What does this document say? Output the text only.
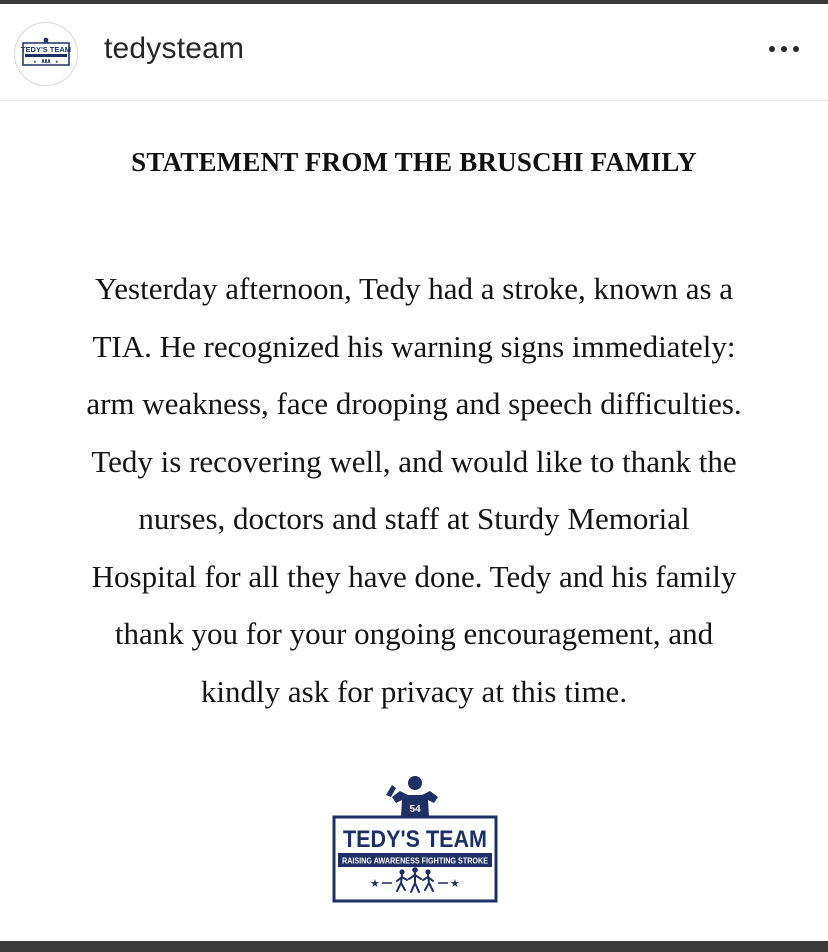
TEDY'S TEAM
★	★ tedysteam
STATEMENT FROM THE BRUSCHI FAMILY
Yesterday afternoon, Tedy had a stroke, known as a
TIA. He recognized his warning signs immediately:
arm weakness, face drooping and speech difficulties.
Tedy is recovering well, and would like to thank the
nurses, doctors and staff at Sturdy Memorial
Hospital for all they have done. Tedy and his family
thank you for your ongoing encouragement, and
kindly ask for privacy at this time.
54
TEDY'S TEAM
RAISING AWARENESS FIGHTING STROKE
★	★
